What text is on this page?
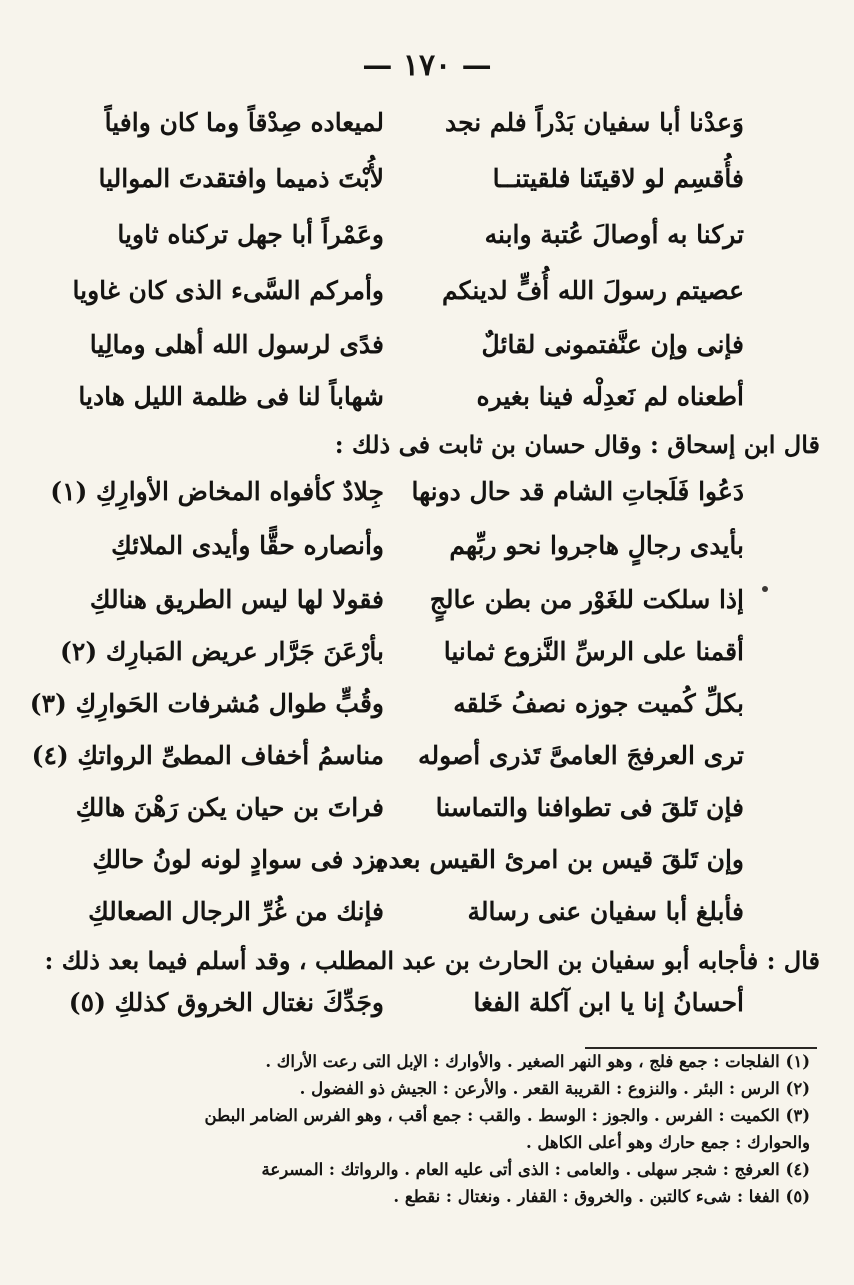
— ١٧٠ —
وَعدْنا أبا سفيان بَدْراً فلم نجد
لميعاده صِدْقاً وما كان وافياً
فأُقسِم لو لاقيتَنا فلقيتنــا
لأُبْتَ ذميما وافتقدتَ المواليا
تركنا به أوصالَ عُتبة وابنه
وعَمْراً أبا جهل تركناه ثاويا
عصيتم رسولَ الله أُفٍّ لدينكم
وأمركم السَّىء الذى كان غاويا
فإنى وإن عنَّفتمونى لقائلٌ
فدًى لرسول الله أهلى ومالِيا
أطعناه لم نَعدِلْه فينا بغيره
شهاباً لنا فى ظلمة الليل هاديا
قال ابن إسحاق : وقال حسان بن ثابت فى ذلك :
دَعُوا فَلَجاتِ الشام قد حال دونها
جِلادٌ كأفواه المخاض الأوارِكِ (١)
بأيدى رجالٍ هاجروا نحو ربِّهم
وأنصاره حقًّا وأيدى الملائكِ
إذا سلكت للغَوْر من بطن عالجٍ
فقولا لها ليس الطريق هنالكِ
أقمنا على الرسِّ النَّزوع ثمانيا
بأرْعَنَ جَرَّار عريض المَبارِك (٢)
بكلِّ كُميت جوزه نصفُ خَلقه
وقُبٍّ طوال مُشرفات الحَوارِكِ (٣)
ترى العرفجَ العامىَّ تَذرى أصوله
مناسمُ أخفاف المطىِّ الرواتكِ (٤)
فإن تَلقَ فى تطوافنا والتماسنا
فراتَ بن حيان يكن رَهْنَ هالكِ
وإن تَلقَ قيس بن امرئ القيس بعده
يزد فى سوادٍ لونه لونُ حالكِ
فأبلغ أبا سفيان عنى رسالة
فإنك من غُرِّ الرجال الصعالكِ
قال : فأجابه أبو سفيان بن الحارث بن عبد المطلب ، وقد أسلم فيما بعد ذلك :
أحسانُ إنا يا ابن آكلة الفغا
وجَدِّكَ نغتال الخروق كذلكِ (٥)
(١) الفلجات : جمع فلج ، وهو النهر الصغير . والأوارك : الإبل التى رعت الأراك .
(٢) الرس : البئر . والنزوع : القريبة القعر . والأرعن : الجيش ذو الفضول .
(٣) الكميت : الفرس . والجوز : الوسط . والقب : جمع أقب ، وهو الفرس الضامر البطن
والحوارك : جمع حارك وهو أعلى الكاهل .
(٤) العرفج : شجر سهلى . والعامى : الذى أتى عليه العام . والرواتك : المسرعة
(٥) الفغا : شىء كالتبن . والخروق : القفار . ونغتال : نقطع .
